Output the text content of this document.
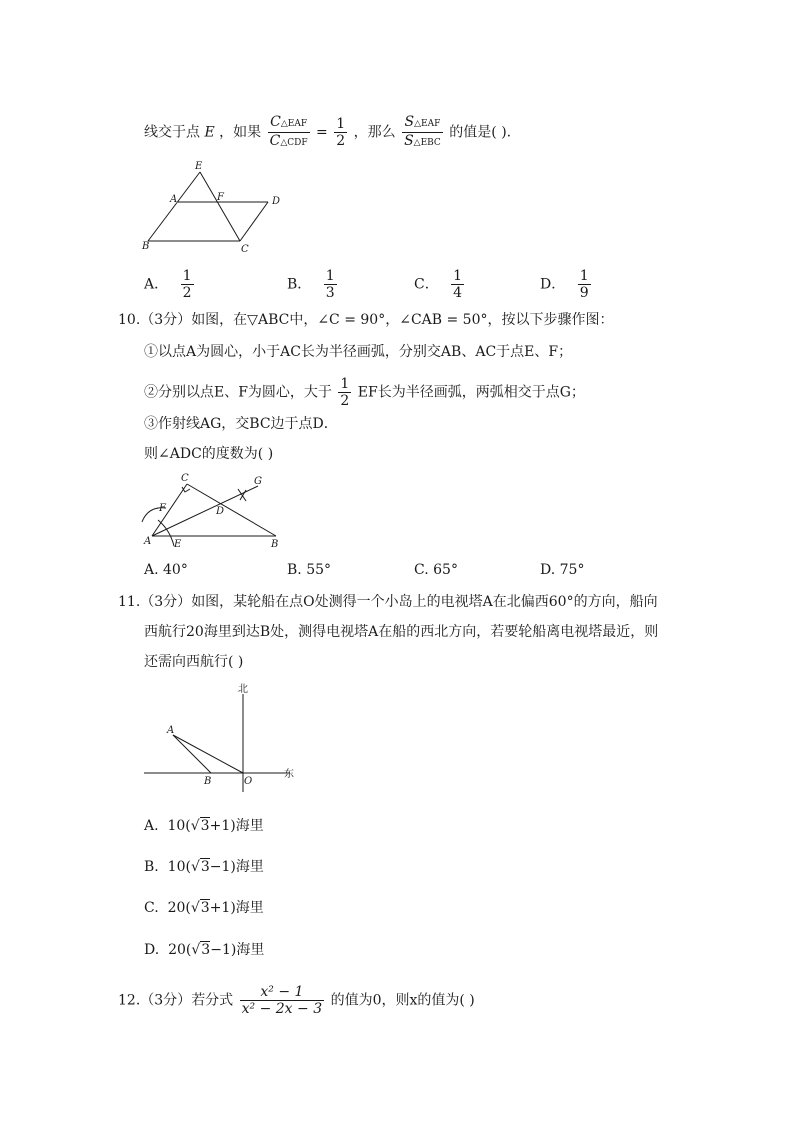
线交于点 E ，如果 $\frac{\text{C△EAF}}{\text{C△CDF}} = \frac{1}{2}$ ，那么 $\frac{\text{S△EAF}}{\text{S△EBC}}$ 的值是( ).
E
A	F	D
B	C
A． $\frac{1}{2}$	B． $\frac{1}{3}$	C． $\frac{1}{4}$	D． $\frac{1}{9}$
10.（3分）如图，在▽ABC中，∠C = 90°，∠CAB = 50°，按以下步骤作图：
①以点A为圆心，小于AC长为半径画弧，分别交AB、AC于点E、F；
②分别以点E、F为圆心，大于 $\frac{1}{2}$ EF长为半径画弧，两弧相交于点G；
③作射线AG，交BC边于点D．
则∠ADC的度数为( )
C	G
F	D
A E	B
A. 40°	B. 55°	C. 65°	D. 75°
11.（3分）如图，某轮船在点O处测得一个小岛上的电视塔A在北偏西60°的方向，船向
西航行20海里到达B处，测得电视塔A在船的西北方向，若要轮船离电视塔最近，则
还需向西航行( )
北
东
A
B	O
A. 10(√3+1)海里
B. 10(√3−1)海里
C. 20(√3+1)海里
D. 20(√3−1)海里
12.（3分）若分式 $\frac{\text{x² − 1}}{\text{x² − 2x − 3}}$ 的值为0，则x的值为( )
